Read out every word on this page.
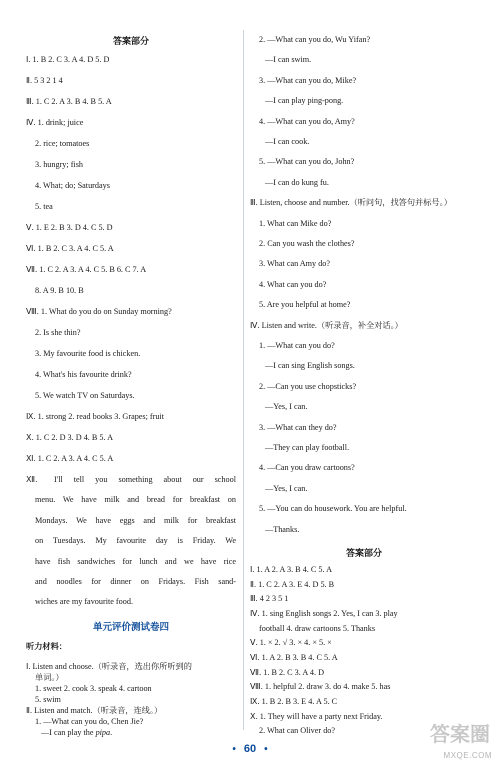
答案部分
Ⅰ. 1. B 2. C 3. A 4. D 5. D
Ⅱ. 5 3 2 1 4
Ⅲ. 1. C 2. A 3. B 4. B 5. A
Ⅳ. 1. drink; juice
2. rice; tomatoes
3. hungry; fish
4. What; do; Saturdays
5. tea
Ⅴ. 1. E 2. B 3. D 4. C 5. D
Ⅵ. 1. B 2. C 3. A 4. C 5. A
Ⅶ. 1. C 2. A 3. A 4. C 5. B 6. C 7. A
8. A 9. B 10. B
Ⅷ. 1. What do you do on Sunday morning?
2. Is she thin?
3. My favourite food is chicken.
4. What's his favourite drink?
5. We watch TV on Saturdays.
Ⅸ. 1. strong 2. read books 3. Grapes; fruit
Ⅹ. 1. C 2. D 3. D 4. B 5. A
Ⅺ. 1. C 2. A 3. A 4. C 5. A
Ⅻ. I'll tell you something about our school
menu. We have milk and bread for breakfast on
Mondays. We have eggs and milk for breakfast
on Tuesdays. My favourite day is Friday. We
have fish sandwiches for lunch and we have rice
and noodles for dinner on Fridays. Fish sand-
wiches are my favourite food.
单元评价测试卷四
听力材料：
Ⅰ. Listen and choose.（听录音，选出你所听到的
单词。）
1. sweet 2. cook 3. speak 4. cartoon
5. swim
Ⅱ. Listen and match.（听录音，连线。）
1. —What can you do, Chen Jie?
—I can play the pipa.
2. —What can you do, Wu Yifan?
—I can swim.
3. —What can you do, Mike?
—I can play ping-pong.
4. —What can you do, Amy?
—I can cook.
5. —What can you do, John?
—I can do kung fu.
Ⅲ. Listen, choose and number.（听问句，找答句并标号。）
1. What can Mike do?
2. Can you wash the clothes?
3. What can Amy do?
4. What can you do?
5. Are you helpful at home?
Ⅳ. Listen and write.（听录音，补全对话。）
1. —What can you do?
—I can sing English songs.
2. —Can you use chopsticks?
—Yes, I can.
3. —What can they do?
—They can play football.
4. —Can you draw cartoons?
—Yes, I can.
5. —You can do housework. You are helpful.
—Thanks.
答案部分
Ⅰ. 1. A 2. A 3. B 4. C 5. A
Ⅱ. 1. C 2. A 3. E 4. D 5. B
Ⅲ. 4 2 3 5 1
Ⅳ. 1. sing English songs 2. Yes, I can 3. play
football 4. draw cartoons 5. Thanks
Ⅴ. 1. × 2. √ 3. × 4. × 5. ×
Ⅵ. 1. A 2. B 3. B 4. C 5. A
Ⅶ. 1. B 2. C 3. A 4. D
Ⅷ. 1. helpful 2. draw 3. do 4. make 5. has
Ⅸ. 1. B 2. B 3. E 4. A 5. C
Ⅹ. 1. They will have a party next Friday.
2. What can Oliver do?
• 60 •
答案圈
MXQE.COM
